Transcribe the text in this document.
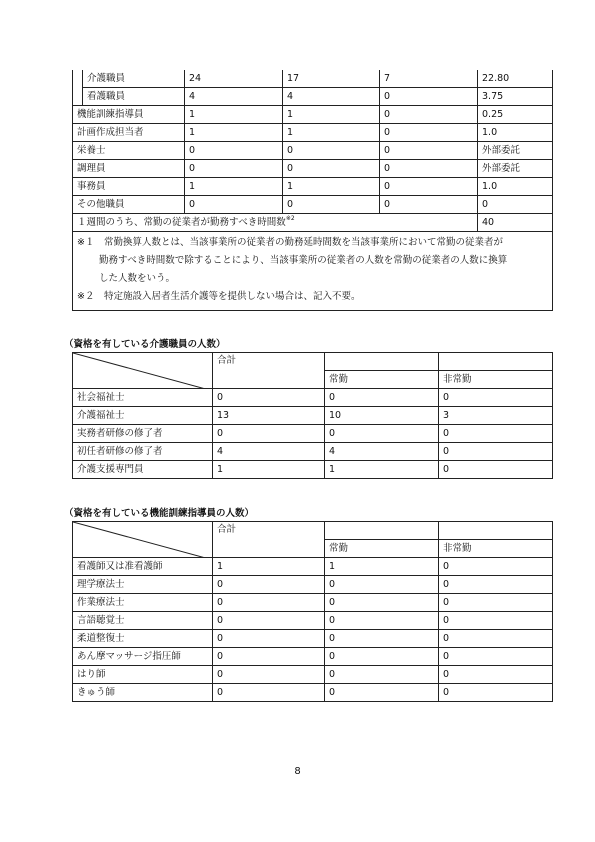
	介護職員	24	17	7	22.80
	看護職員	4	4	0	3.75
機能訓練指導員		1	1	0	0.25
計画作成担当者		1	1	0	1.0
栄養士		0	0	0	外部委託
調理員		0	0	0	外部委託
事務員		1	1	0	1.0
その他職員		0	0	0	0
１週間のうち、常勤の従業者が勤務すべき時間数$^{※2}$					40

※１　常勤換算人数とは、当該事業所の従業者の勤務延時間数を当該事業所において常勤の従業者が

勤務すべき時間数で除することにより、当該事業所の従業者の人数を常勤の従業者の人数に換算

した人数をいう。

※２　特定施設入居者生活介護等を提供しない場合は、記入不要。					

（資格を有している介護職員の人数）

	合計		
		常勤	非常勤
社会福祉士	0	0	0
介護福祉士	13	10	3
実務者研修の修了者	0	0	0
初任者研修の修了者	4	4	0
介護支援専門員	1	1	0

（資格を有している機能訓練指導員の人数）

	合計		
		常勤	非常勤
看護師又は准看護師	1	1	0
理学療法士	0	0	0
作業療法士	0	0	0
言語聴覚士	0	0	0
柔道整復士	0	0	0
あん摩マッサージ指圧師	0	0	0
はり師	0	0	0
きゅう師	0	0	0
8
